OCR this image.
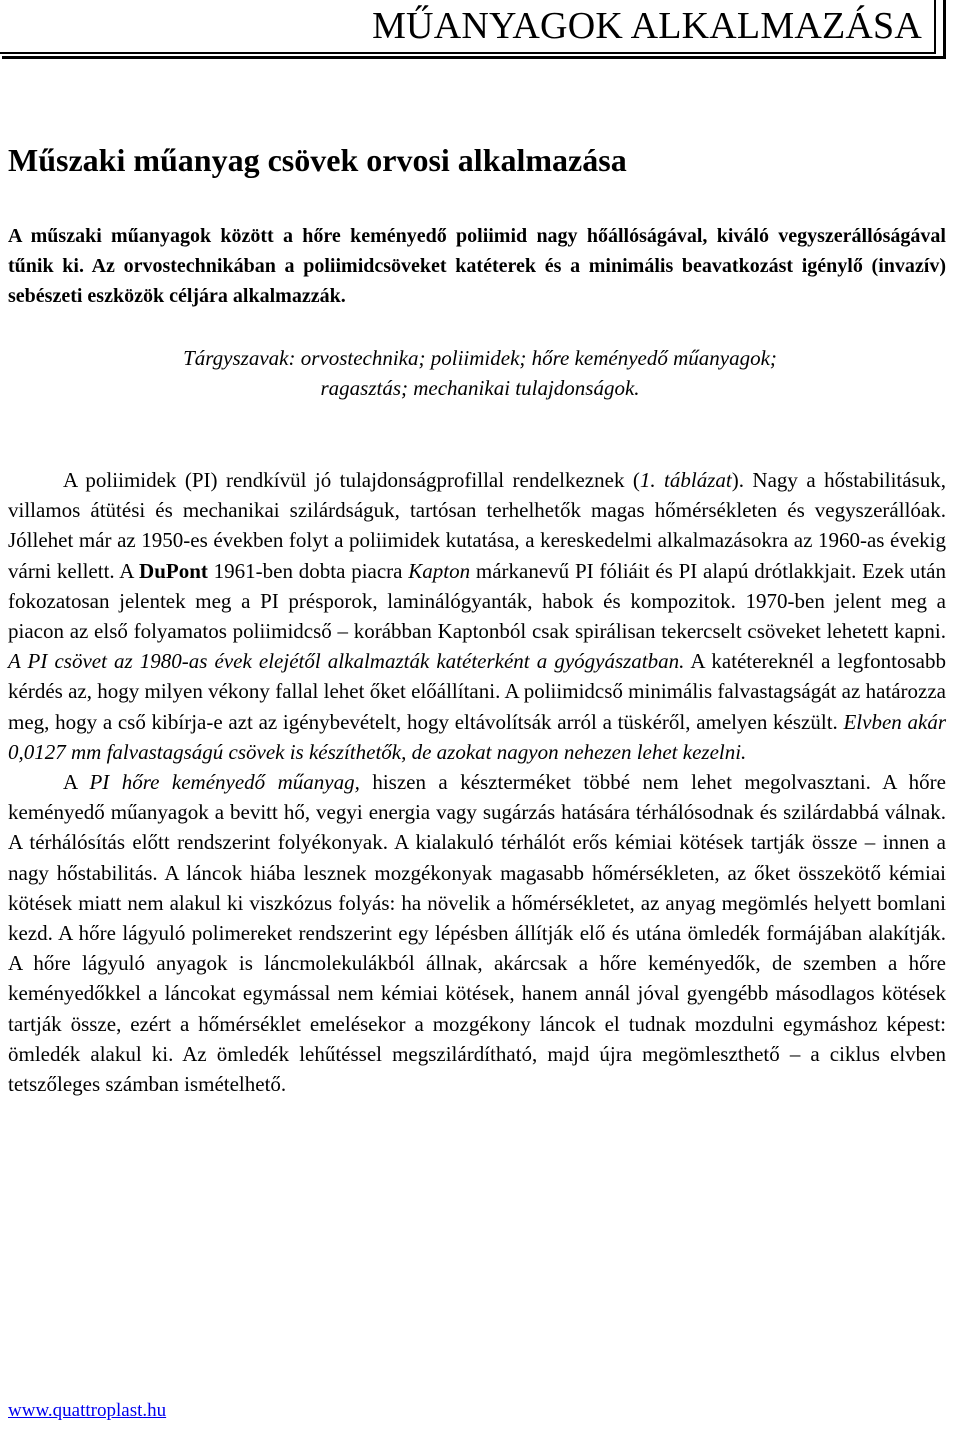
MŰANYAGOK ALKALMAZÁSA
Műszaki műanyag csövek orvosi alkalmazása

A műszaki műanyagok között a hőre keményedő poliimid nagy hőállóságával, kiváló vegyszerállóságával tűnik ki. Az orvostechnikában a poliimidcsöveket katéterek és a minimális beavatkozást igénylő (invazív) sebészeti eszközök céljára alkalmazzák.

Tárgyszavak: orvostechnika; poliimidek; hőre keményedő műanyagok;
ragasztás; mechanikai tulajdonságok.

A poliimidek (PI) rendkívül jó tulajdonságprofillal rendelkeznek (1. táblázat). Nagy a hőstabilitásuk, villamos átütési és mechanikai szilárdságuk, tartósan terhelhetők magas hőmérsékleten és vegyszerállóak. Jóllehet már az 1950-es években folyt a poliimidek kutatása, a kereskedelmi alkalmazásokra az 1960-as évekig várni kellett. A DuPont 1961-ben dobta piacra Kapton márkanevű PI fóliáit és PI alapú drótlakkjait. Ezek után fokozatosan jelentek meg a PI présporok, laminálógyanták, habok és kompozitok. 1970-ben jelent meg a piacon az első folyamatos poliimidcső – korábban Kaptonból csak spirálisan tekercselt csöveket lehetett kapni. A PI csövet az 1980-as évek elejétől alkalmazták katéterként a gyógyászatban. A katétereknél a legfontosabb kérdés az, hogy milyen vékony fallal lehet őket előállítani. A poliimidcső minimális falvastagságát az határozza meg, hogy a cső kibírja-e azt az igénybevételt, hogy eltávolítsák arról a tüskéről, amelyen készült. Elvben akár 0,0127 mm falvastagságú csövek is készíthetők, de azokat nagyon nehezen lehet kezelni.

A PI hőre keményedő műanyag, hiszen a készterméket többé nem lehet megolvasztani. A hőre keményedő műanyagok a bevitt hő, vegyi energia vagy sugárzás hatására térhálósodnak és szilárdabbá válnak. A térhálósítás előtt rendszerint folyékonyak. A kialakuló térhálót erős kémiai kötések tartják össze – innen a nagy hőstabilitás. A láncok hiába lesznek mozgékonyak magasabb hőmérsékleten, az őket összekötő kémiai kötések miatt nem alakul ki viszkózus folyás: ha növelik a hőmérsékletet, az anyag megömlés helyett bomlani kezd. A hőre lágyuló polimereket rendszerint egy lépésben állítják elő és utána ömledék formájában alakítják. A hőre lágyuló anyagok is láncmolekulákból állnak, akárcsak a hőre keményedők, de szemben a hőre keményedőkkel a láncokat egymással nem kémiai kötések, hanem annál jóval gyengébb másodlagos kötések tartják össze, ezért a hőmérséklet emelésekor a mozgékony láncok el tudnak mozdulni egymáshoz képest: ömledék alakul ki. Az ömledék lehűtéssel megszilárdítható, majd újra megömleszthető – a ciklus elvben tetszőleges számban ismételhető.

www.quattroplast.hu
